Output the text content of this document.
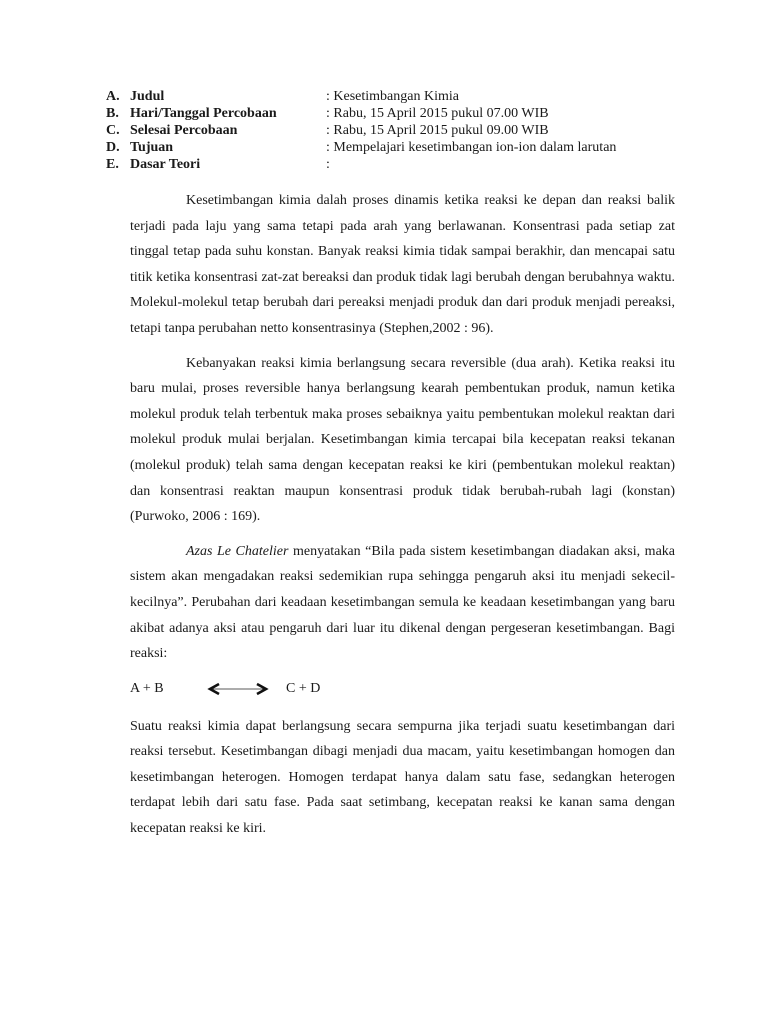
A. Judul	: Kesetimbangan Kimia
B. Hari/Tanggal Percobaan	: Rabu, 15 April 2015 pukul 07.00 WIB
C. Selesai Percobaan	: Rabu, 15 April 2015 pukul 09.00 WIB
D. Tujuan	: Mempelajari kesetimbangan ion-ion dalam larutan
E. Dasar Teori	:

Kesetimbangan kimia dalah proses dinamis ketika reaksi ke depan dan reaksi balik terjadi pada laju yang sama tetapi pada arah yang berlawanan. Konsentrasi pada setiap zat tinggal tetap pada suhu konstan. Banyak reaksi kimia tidak sampai berakhir, dan mencapai satu titik ketika konsentrasi zat-zat bereaksi dan produk tidak lagi berubah dengan berubahnya waktu. Molekul-molekul tetap berubah dari pereaksi menjadi produk dan dari produk menjadi pereaksi, tetapi tanpa perubahan netto konsentrasinya (Stephen,2002 : 96).

Kebanyakan reaksi kimia berlangsung secara reversible (dua arah). Ketika reaksi itu baru mulai, proses reversible hanya berlangsung kearah pembentukan produk, namun ketika molekul produk telah terbentuk maka proses sebaiknya yaitu pembentukan molekul reaktan dari molekul produk mulai berjalan. Kesetimbangan kimia tercapai bila kecepatan reaksi tekanan (molekul produk) telah sama dengan kecepatan reaksi ke kiri (pembentukan molekul reaktan) dan konsentrasi reaktan maupun konsentrasi produk tidak berubah-rubah lagi (konstan) (Purwoko, 2006 : 169).

Azas Le Chatelier menyatakan “Bila pada sistem kesetimbangan diadakan aksi, maka sistem akan mengadakan reaksi sedemikian rupa sehingga pengaruh aksi itu menjadi sekecil-kecilnya”. Perubahan dari keadaan kesetimbangan semula ke keadaan kesetimbangan yang baru akibat adanya aksi atau pengaruh dari luar itu dikenal dengan pergeseran kesetimbangan. Bagi reaksi:

A + B	C + D

Suatu reaksi kimia dapat berlangsung secara sempurna jika terjadi suatu kesetimbangan dari reaksi tersebut. Kesetimbangan dibagi menjadi dua macam, yaitu kesetimbangan homogen dan kesetimbangan heterogen. Homogen terdapat hanya dalam satu fase, sedangkan heterogen terdapat lebih dari satu fase. Pada saat setimbang, kecepatan reaksi ke kanan sama dengan kecepatan reaksi ke kiri.
